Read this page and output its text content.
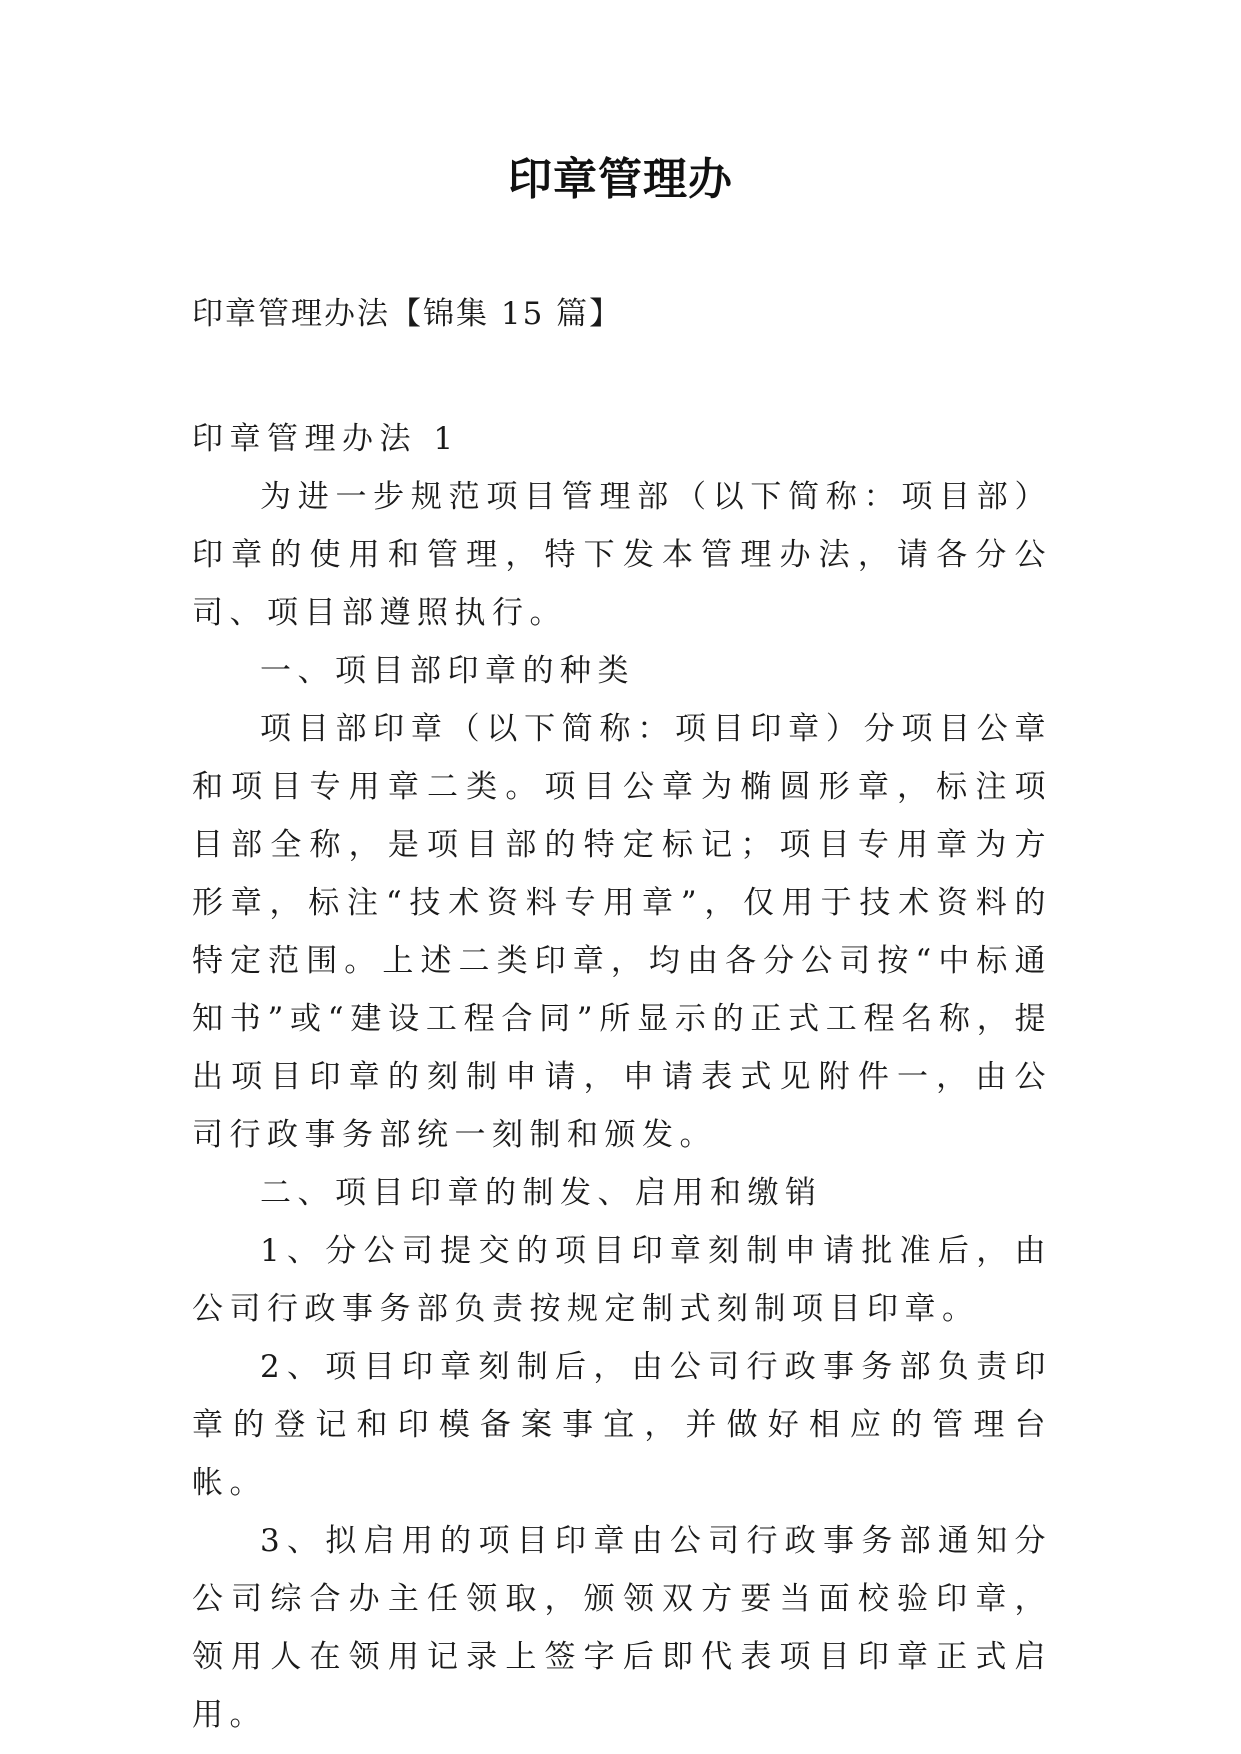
印章管理办
印章管理办法【锦集 15 篇】

印章管理办法 1

为进一步规范项目管理部（以下简称：项目部）印章的使用和管理，特下发本管理办法，请各分公司、项目部遵照执行。

一、项目部印章的种类

项目部印章（以下简称：项目印章）分项目公章和项目专用章二类。项目公章为椭圆形章，标注项目部全称，是项目部的特定标记；项目专用章为方形章，标注“技术资料专用章”，仅用于技术资料的特定范围。上述二类印章，均由各分公司按“中标通知书”或“建设工程合同”所显示的正式工程名称，提出项目印章的刻制申请，申请表式见附件一，由公司行政事务部统一刻制和颁发。

二、项目印章的制发、启用和缴销

1、分公司提交的项目印章刻制申请批准后，由公司行政事务部负责按规定制式刻制项目印章。

2、项目印章刻制后，由公司行政事务部负责印章的登记和印模备案事宜，并做好相应的管理台帐。

3、拟启用的项目印章由公司行政事务部通知分公司综合办主任领取，颁领双方要当面校验印章，领用人在领用记录上签字后即代表项目印章正式启用。
